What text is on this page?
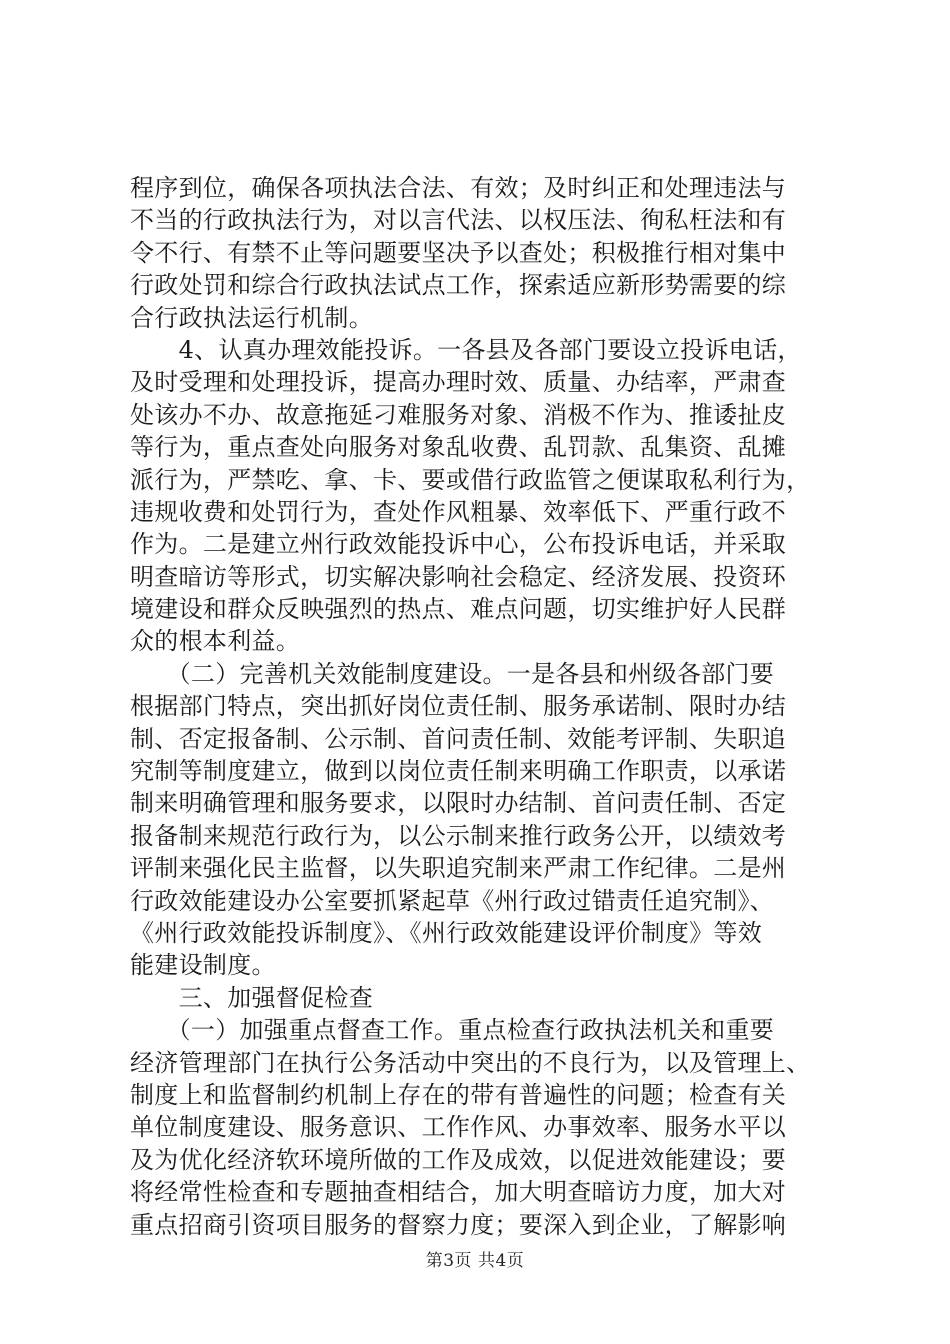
程序到位，确保各项执法合法、有效；及时纠正和处理违法与
不当的行政执法行为，对以言代法、以权压法、徇私枉法和有
令不行、有禁不止等问题要坚决予以查处；积极推行相对集中
行政处罚和综合行政执法试点工作，探索适应新形势需要的综
合行政执法运行机制。
　　4、认真办理效能投诉。一各县及各部门要设立投诉电话，
及时受理和处理投诉，提高办理时效、质量、办结率，严肃查
处该办不办、故意拖延刁难服务对象、消极不作为、推诿扯皮
等行为，重点查处向服务对象乱收费、乱罚款、乱集资、乱摊
派行为，严禁吃、拿、卡、要或借行政监管之便谋取私利行为，
违规收费和处罚行为，查处作风粗暴、效率低下、严重行政不
作为。二是建立州行政效能投诉中心，公布投诉电话，并采取
明查暗访等形式，切实解决影响社会稳定、经济发展、投资环
境建设和群众反映强烈的热点、难点问题，切实维护好人民群
众的根本利益。
　　（二）完善机关效能制度建设。一是各县和州级各部门要
根据部门特点，突出抓好岗位责任制、服务承诺制、限时办结
制、否定报备制、公示制、首问责任制、效能考评制、失职追
究制等制度建立，做到以岗位责任制来明确工作职责，以承诺
制来明确管理和服务要求，以限时办结制、首问责任制、否定
报备制来规范行政行为，以公示制来推行政务公开，以绩效考
评制来强化民主监督，以失职追究制来严肃工作纪律。二是州
行政效能建设办公室要抓紧起草《州行政过错责任追究制》、
《州行政效能投诉制度》、《州行政效能建设评价制度》等效
能建设制度。
　　三、加强督促检查
　　（一）加强重点督查工作。重点检查行政执法机关和重要
经济管理部门在执行公务活动中突出的不良行为，以及管理上、
制度上和监督制约机制上存在的带有普遍性的问题；检查有关
单位制度建设、服务意识、工作作风、办事效率、服务水平以
及为优化经济软环境所做的工作及成效，以促进效能建设；要
将经常性检查和专题抽查相结合，加大明查暗访力度，加大对
重点招商引资项目服务的督察力度；要深入到企业，了解影响
第3页 共4页
